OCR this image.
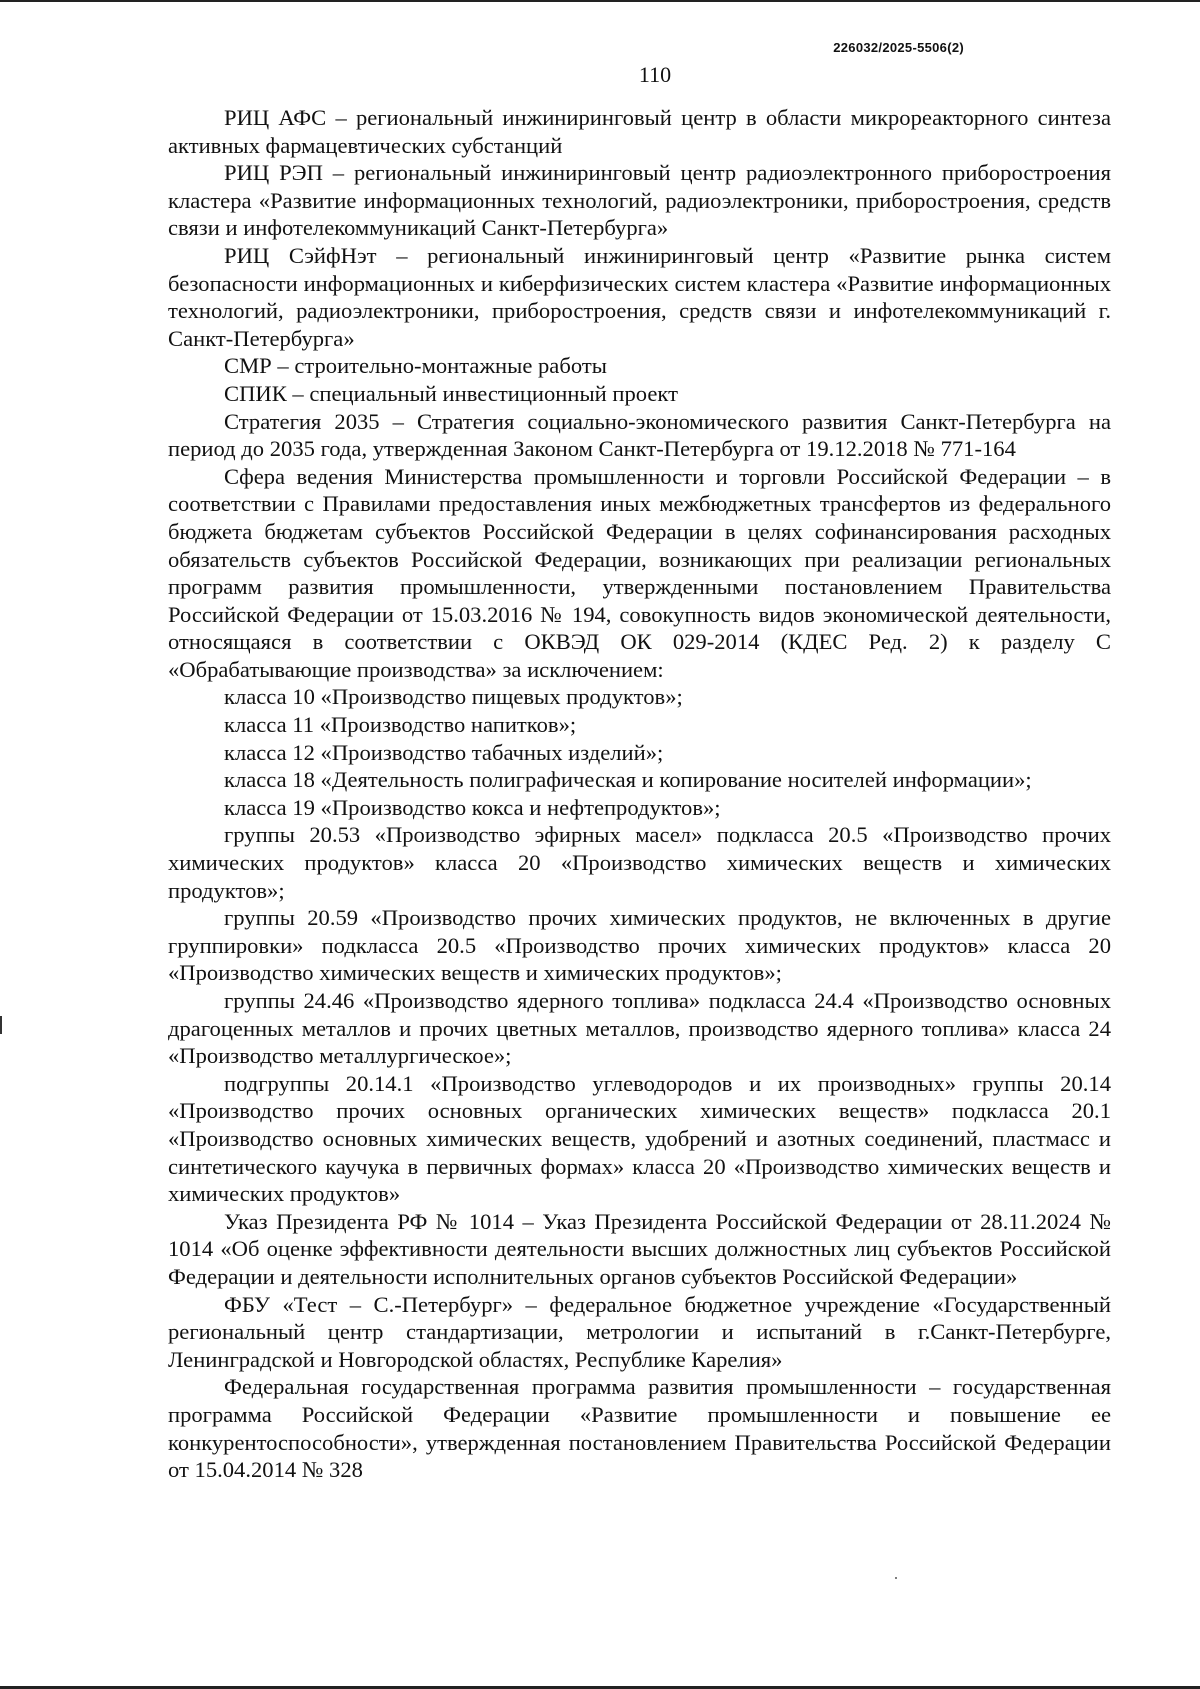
226032/2025-5506(2)
110

РИЦ АФС – региональный инжиниринговый центр в области микрореакторного синтеза активных фармацевтических субстанций

РИЦ РЭП – региональный инжиниринговый центр радиоэлектронного приборостроения кластера «Развитие информационных технологий, радиоэлектроники, приборостроения, средств связи и инфотелекоммуникаций Санкт-Петербурга»

РИЦ СэйфНэт – региональный инжиниринговый центр «Развитие рынка систем безопасности информационных и киберфизических систем кластера «Развитие информационных технологий, радиоэлектроники, приборостроения, средств связи и инфотелекоммуникаций г. Санкт-Петербурга»

СМР – строительно-монтажные работы

СПИК – специальный инвестиционный проект

Стратегия 2035 – Стратегия социально-экономического развития Санкт-Петербурга на период до 2035 года, утвержденная Законом Санкт-Петербурга от 19.12.2018 № 771-164

Сфера ведения Министерства промышленности и торговли Российской Федерации – в соответствии с Правилами предоставления иных межбюджетных трансфертов из федерального бюджета бюджетам субъектов Российской Федерации в целях софинансирования расходных обязательств субъектов Российской Федерации, возникающих при реализации региональных программ развития промышленности, утвержденными постановлением Правительства Российской Федерации от 15.03.2016 № 194, совокупность видов экономической деятельности, относящаяся в соответствии с ОКВЭД ОК 029-2014 (КДЕС Ред. 2) к разделу C «Обрабатывающие производства» за исключением:

класса 10 «Производство пищевых продуктов»;

класса 11 «Производство напитков»;

класса 12 «Производство табачных изделий»;

класса 18 «Деятельность полиграфическая и копирование носителей информации»;

класса 19 «Производство кокса и нефтепродуктов»;

группы 20.53 «Производство эфирных масел» подкласса 20.5 «Производство прочих химических продуктов» класса 20 «Производство химических веществ и химических продуктов»;

группы 20.59 «Производство прочих химических продуктов, не включенных в другие группировки» подкласса 20.5 «Производство прочих химических продуктов» класса 20 «Производство химических веществ и химических продуктов»;

группы 24.46 «Производство ядерного топлива» подкласса 24.4 «Производство основных драгоценных металлов и прочих цветных металлов, производство ядерного топлива» класса 24 «Производство металлургическое»;

подгруппы 20.14.1 «Производство углеводородов и их производных» группы 20.14 «Производство прочих основных органических химических веществ» подкласса 20.1 «Производство основных химических веществ, удобрений и азотных соединений, пластмасс и синтетического каучука в первичных формах» класса 20 «Производство химических веществ и химических продуктов»

Указ Президента РФ № 1014 – Указ Президента Российской Федерации от 28.11.2024 № 1014 «Об оценке эффективности деятельности высших должностных лиц субъектов Российской Федерации и деятельности исполнительных органов субъектов Российской Федерации»

ФБУ «Тест – С.-Петербург» – федеральное бюджетное учреждение «Государственный региональный центр стандартизации, метрологии и испытаний в г.Санкт-Петербурге, Ленинградской и Новгородской областях, Республике Карелия»

Федеральная государственная программа развития промышленности – государственная программа Российской Федерации «Развитие промышленности и повышение ее конкурентоспособности», утвержденная постановлением Правительства Российской Федерации от 15.04.2014 № 328
